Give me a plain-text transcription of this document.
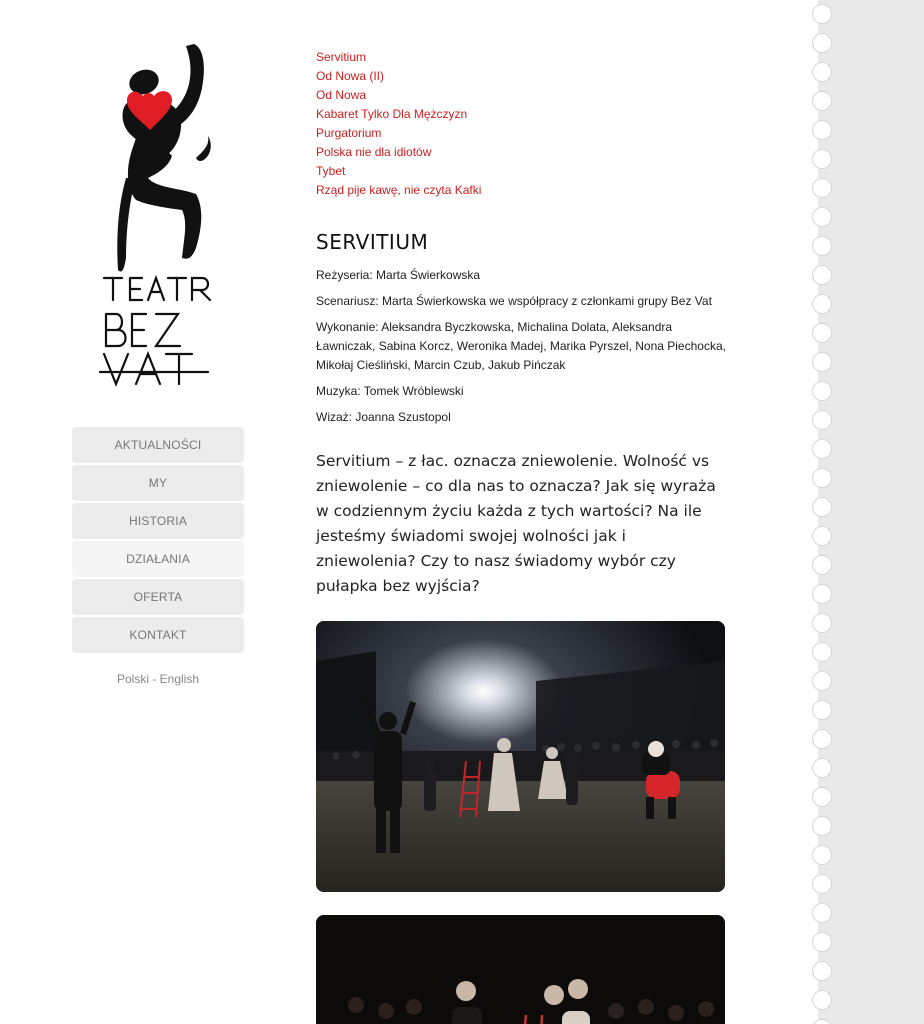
AKTUALNOŚCI
MY
HISTORIA
DZIAŁANIA
OFERTA
KONTAKT
Polski - English
Servitium
Od Nowa (II)
Od Nowa
Kabaret Tylko Dla Mężczyzn
Purgatorium
Polska nie dla idiotów
Tybet
Rząd pije kawę, nie czyta Kafki
SERVITIUM

Reżyseria: Marta Świerkowska

Scenariusz: Marta Świerkowska we współpracy z członkami grupy Bez Vat

Wykonanie: Aleksandra Byczkowska, Michalina Dolata, Aleksandra Ławniczak, Sabina Korcz, Weronika Madej, Marika Pyrszel, Nona Piechocka, Mikołaj Cieśliński, Marcin Czub, Jakub Pińczak

Muzyka: Tomek Wróblewski

Wizaż: Joanna Szustopol

Servitium – z łac. oznacza zniewolenie. Wolność vs zniewolenie – co dla nas to oznacza? Jak się wyraża w codziennym życiu każda z tych wartości? Na ile jesteśmy świadomi swojej wolności jak i zniewolenia? Czy to nasz świadomy wybór czy pułapka bez wyjścia?
